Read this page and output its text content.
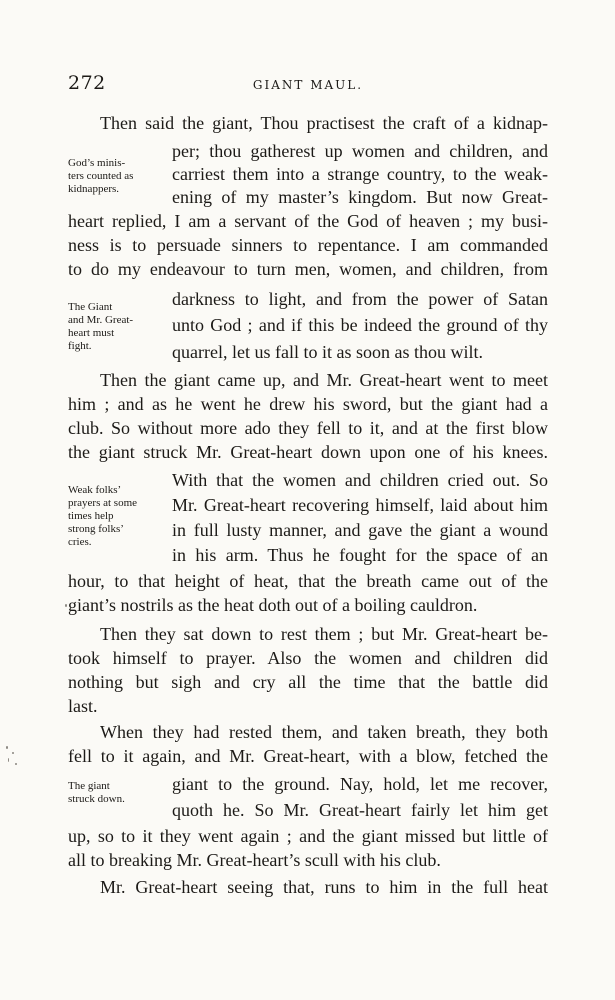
272	GIANT MAUL.
Then said the giant, Thou practisest the craft of a kidnap-
per; thou gatherest up women and children, and
carriest them into a strange country, to the weak-
ening of my master’s kingdom. But now Great-
heart replied, I am a servant of the God of heaven ; my busi-
ness is to persuade sinners to repentance. I am commanded
to do my endeavour to turn men, women, and children, from
darkness to light, and from the power of Satan
unto God ; and if this be indeed the ground of thy
quarrel, let us fall to it as soon as thou wilt.
Then the giant came up, and Mr. Great-heart went to meet
him ; and as he went he drew his sword, but the giant had a
club. So without more ado they fell to it, and at the first blow
the giant struck Mr. Great-heart down upon one of his knees.
With that the women and children cried out. So
Mr. Great-heart recovering himself, laid about him
in full lusty manner, and gave the giant a wound
in his arm. Thus he fought for the space of an
hour, to that height of heat, that the breath came out of the
giant’s nostrils as the heat doth out of a boiling cauldron.
Then they sat down to rest them ; but Mr. Great-heart be-
took himself to prayer. Also the women and children did
nothing but sigh and cry all the time that the battle did
last.
When they had rested them, and taken breath, they both
fell to it again, and Mr. Great-heart, with a blow, fetched the
giant to the ground. Nay, hold, let me recover,
quoth he. So Mr. Great-heart fairly let him get
up, so to it they went again ; and the giant missed but little of
all to breaking Mr. Great-heart’s scull with his club.
Mr. Great-heart seeing that, runs to him in the full heat
God’s minis-
ters counted as
kidnappers.
The Giant
and Mr. Great-
heart must
fight.
Weak folks’
prayers at some
times help
strong folks’
cries.
The giant
struck down.
